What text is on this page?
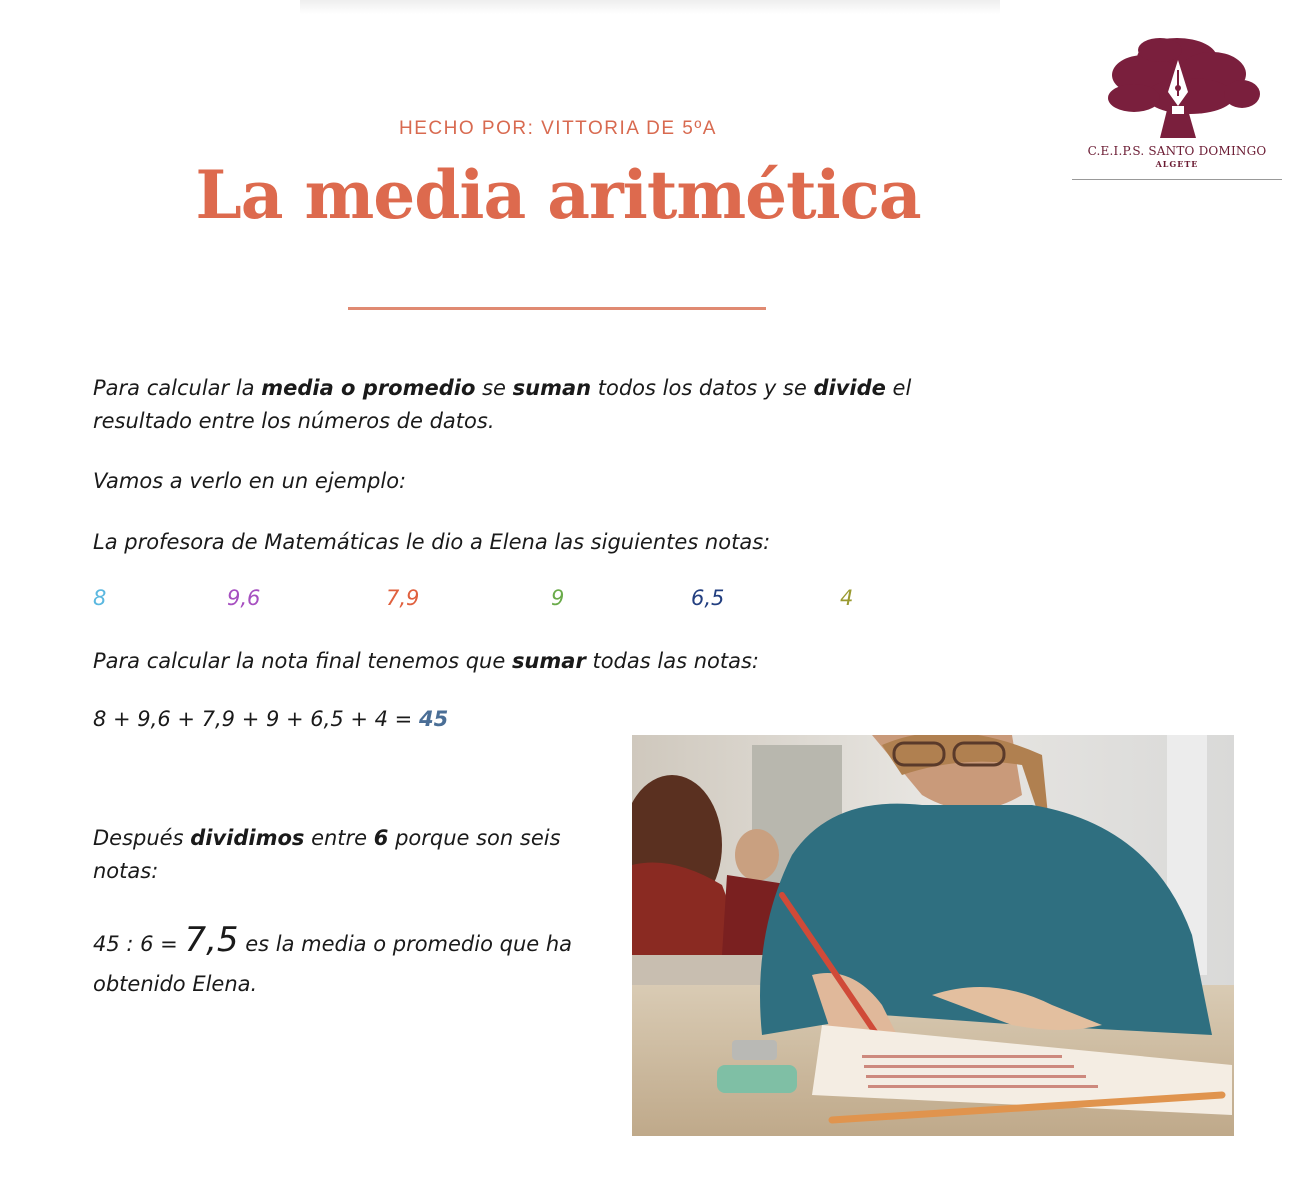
HECHO POR: VITTORIA DE 5ºA
La media aritmética
C.E.I.P.S. SANTO DOMINGO
ALGETE

Para calcular la media o promedio se suman todos los datos y se divide el resultado entre los números de datos.

Vamos a verlo en un ejemplo:

La profesora de Matemáticas le dio a Elena las siguientes notas:

8	9,6	7,9	9	6,5	4

Para calcular la nota final tenemos que sumar todas las notas:

8 + 9,6 + 7,9 + 9 + 6,5 + 4 = 45

Después dividimos entre 6 porque son seis notas:

45 : 6 = 7,5 es la media o promedio que ha obtenido Elena.
